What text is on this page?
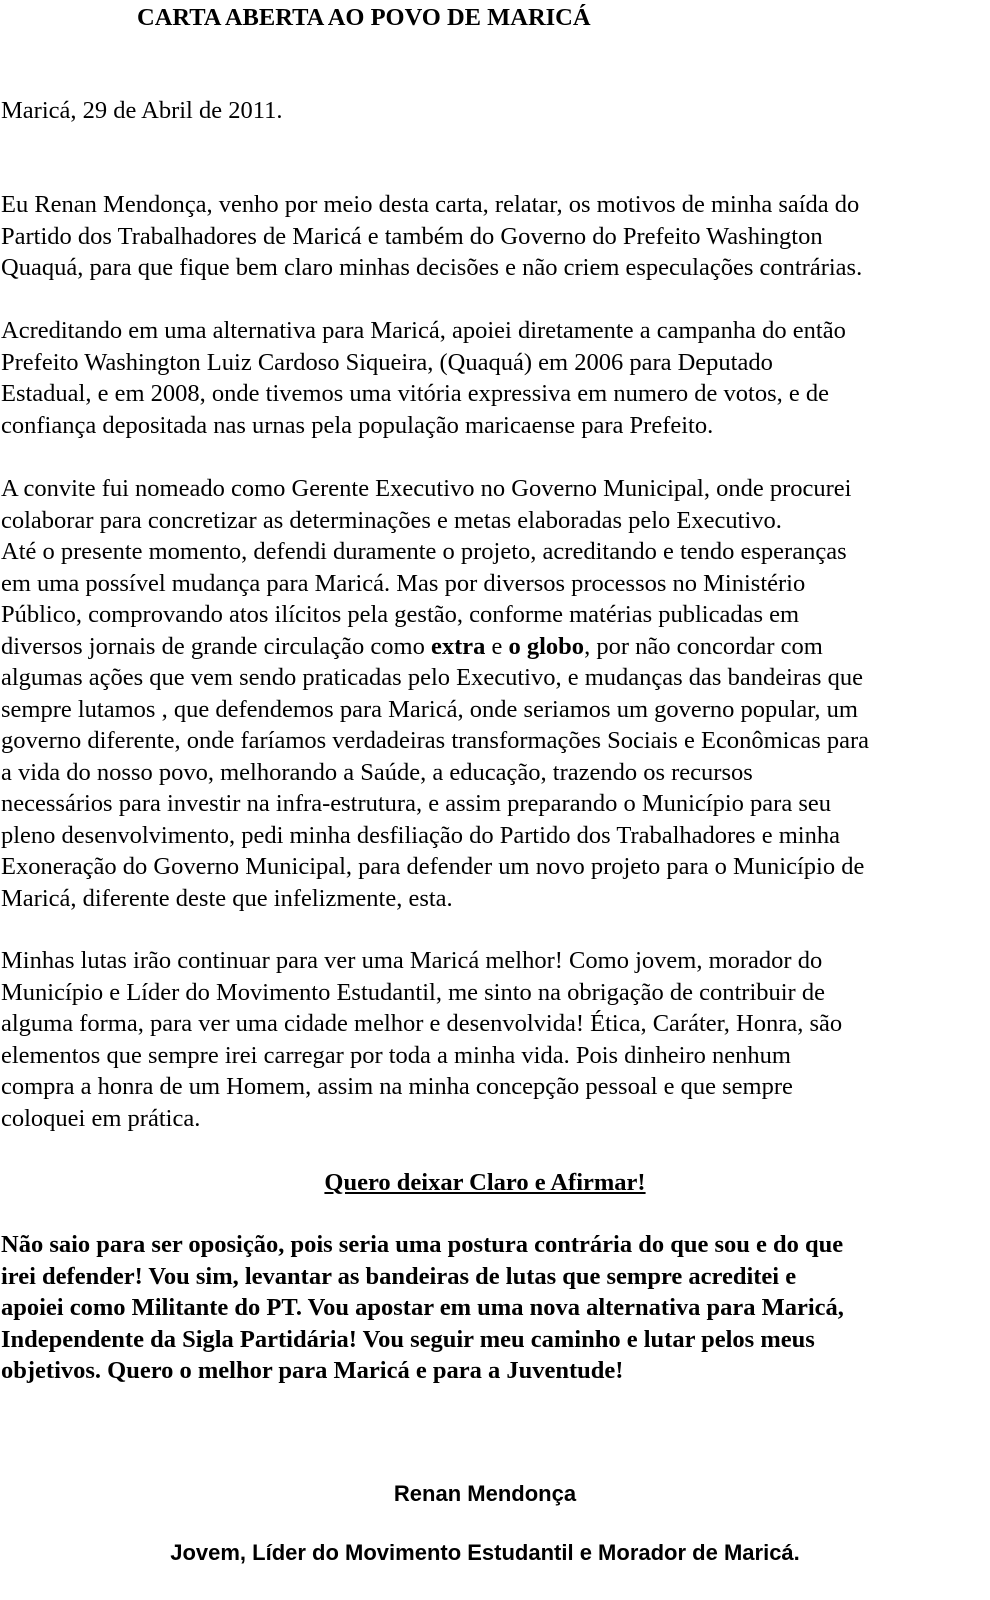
CARTA ABERTA AO POVO DE MARICÁ
Maricá, 29 de Abril de 2011.
Eu Renan Mendonça, venho por meio desta carta, relatar, os motivos de minha saída do
Partido dos Trabalhadores de Maricá e também do Governo do Prefeito Washington
Quaquá, para que fique bem claro minhas decisões e não criem especulações contrárias.
Acreditando em uma alternativa para Maricá, apoiei diretamente a campanha do então
Prefeito Washington Luiz Cardoso Siqueira, (Quaquá) em 2006 para Deputado
Estadual, e em 2008, onde tivemos uma vitória expressiva em numero de votos, e de
confiança depositada nas urnas pela população maricaense para Prefeito.
A convite fui nomeado como Gerente Executivo no Governo Municipal, onde procurei
colaborar para concretizar as determinações e metas elaboradas pelo Executivo.
Até o presente momento, defendi duramente o projeto, acreditando e tendo esperanças
em uma possível mudança para Maricá. Mas por diversos processos no Ministério
Público, comprovando atos ilícitos pela gestão, conforme matérias publicadas em
diversos jornais de grande circulação como extra e o globo, por não concordar com
algumas ações que vem sendo praticadas pelo Executivo, e mudanças das bandeiras que
sempre lutamos , que defendemos para Maricá, onde seriamos um governo popular, um
governo diferente, onde faríamos verdadeiras transformações Sociais e Econômicas para
a vida do nosso povo, melhorando a Saúde, a educação, trazendo os recursos
necessários para investir na infra-estrutura, e assim preparando o Município para seu
pleno desenvolvimento, pedi minha desfiliação do Partido dos Trabalhadores e minha
Exoneração do Governo Municipal, para defender um novo projeto para o Município de
Maricá, diferente deste que infelizmente, esta.
Minhas lutas irão continuar para ver uma Maricá melhor! Como jovem, morador do
Município e Líder do Movimento Estudantil, me sinto na obrigação de contribuir de
alguma forma, para ver uma cidade melhor e desenvolvida! Ética, Caráter, Honra, são
elementos que sempre irei carregar por toda a minha vida. Pois dinheiro nenhum
compra a honra de um Homem, assim na minha concepção pessoal e que sempre
coloquei em prática.
Quero deixar Claro e Afirmar!
Não saio para ser oposição, pois seria uma postura contrária do que sou e do que
irei defender! Vou sim, levantar as bandeiras de lutas que sempre acreditei e
apoiei como Militante do PT. Vou apostar em uma nova alternativa para Maricá,
Independente da Sigla Partidária! Vou seguir meu caminho e lutar pelos meus
objetivos. Quero o melhor para Maricá e para a Juventude!
Renan Mendonça
Jovem, Líder do Movimento Estudantil e Morador de Maricá.
